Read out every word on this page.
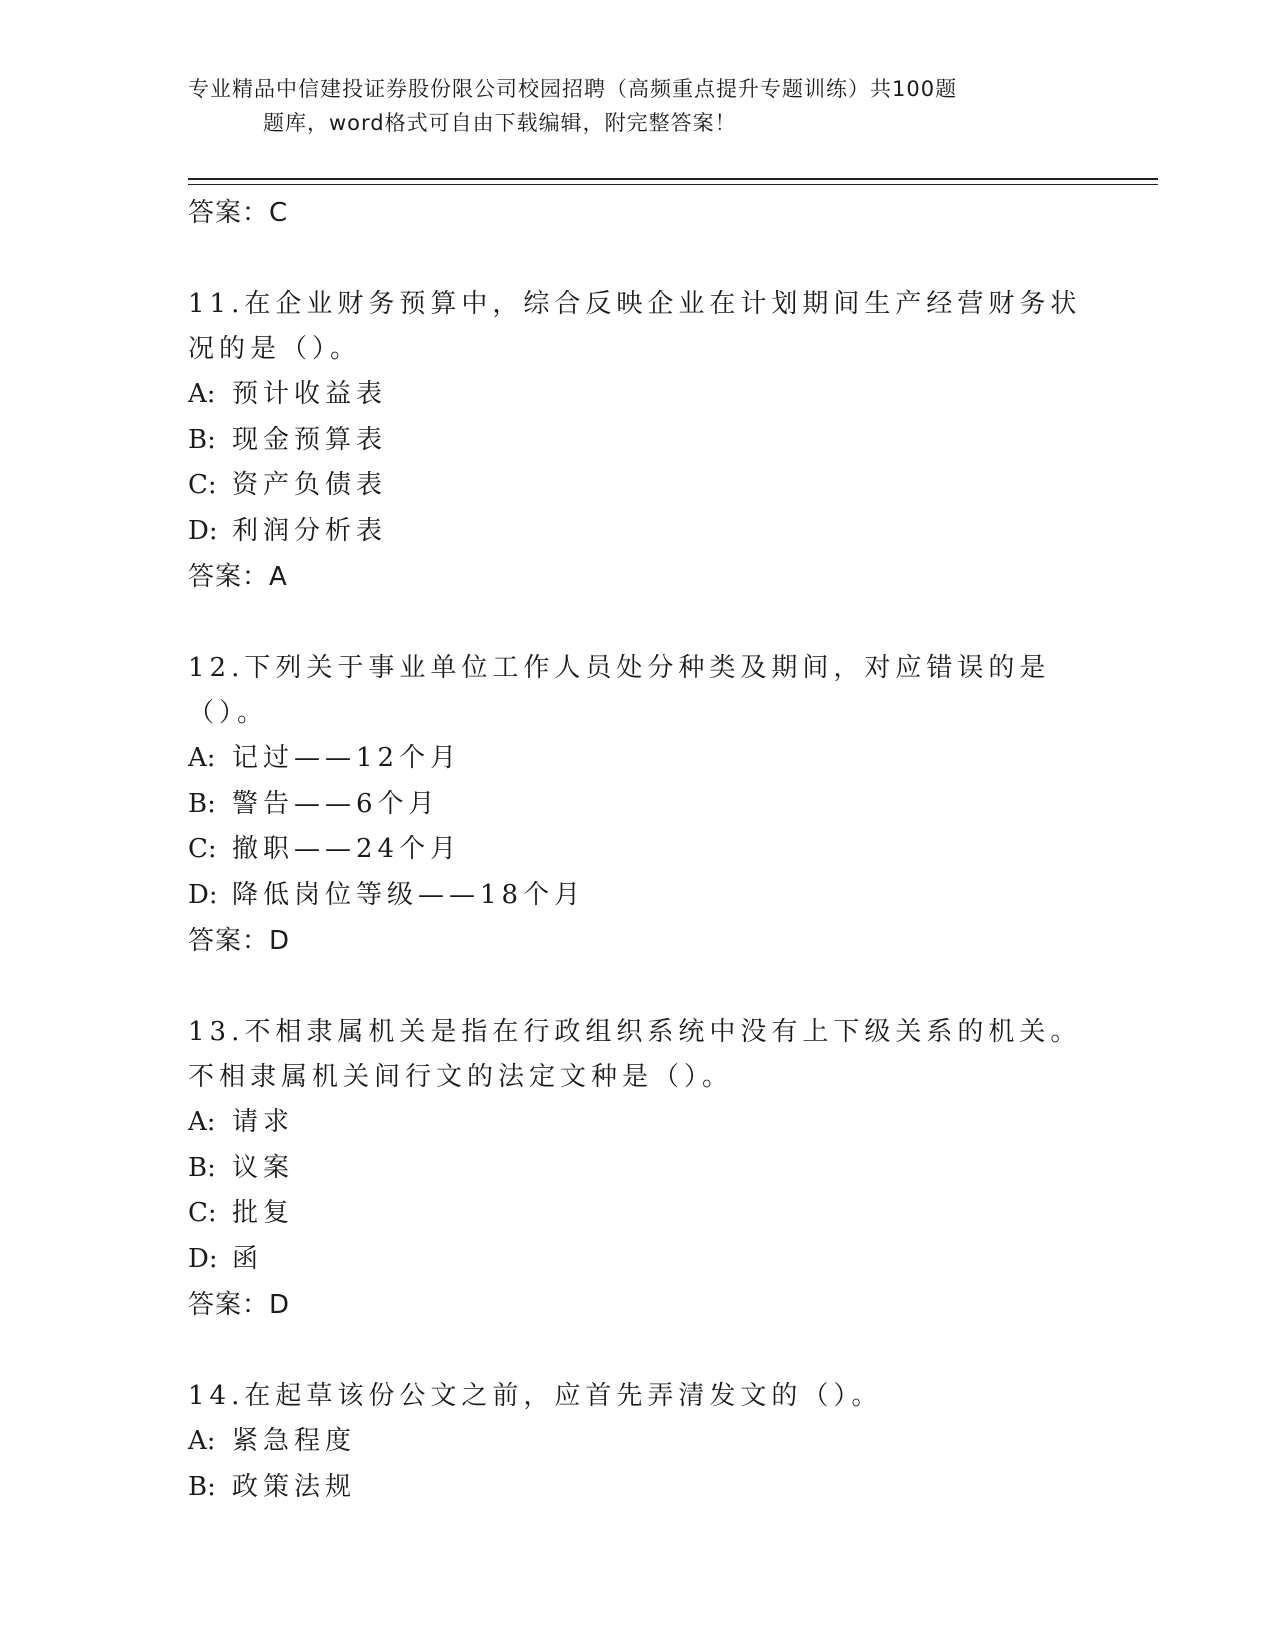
专业精品中信建投证券股份限公司校园招聘（高频重点提升专题训练）共100题
题库，word格式可自由下载编辑，附完整答案！
答案：C

11.在企业财务预算中，综合反映企业在计划期间生产经营财务状况的是（）。

A: 预计收益表
B: 现金预算表
C: 资产负债表
D: 利润分析表
答案：A

12.下列关于事业单位工作人员处分种类及期间，对应错误的是（）。

A: 记过——12个月
B: 警告——6个月
C: 撤职——24个月
D: 降低岗位等级——18个月
答案：D

13.不相隶属机关是指在行政组织系统中没有上下级关系的机关。不相隶属机关间行文的法定文种是（）。

A: 请求
B: 议案
C: 批复
D: 函
答案：D

14.在起草该份公文之前，应首先弄清发文的（）。

A: 紧急程度
B: 政策法规
